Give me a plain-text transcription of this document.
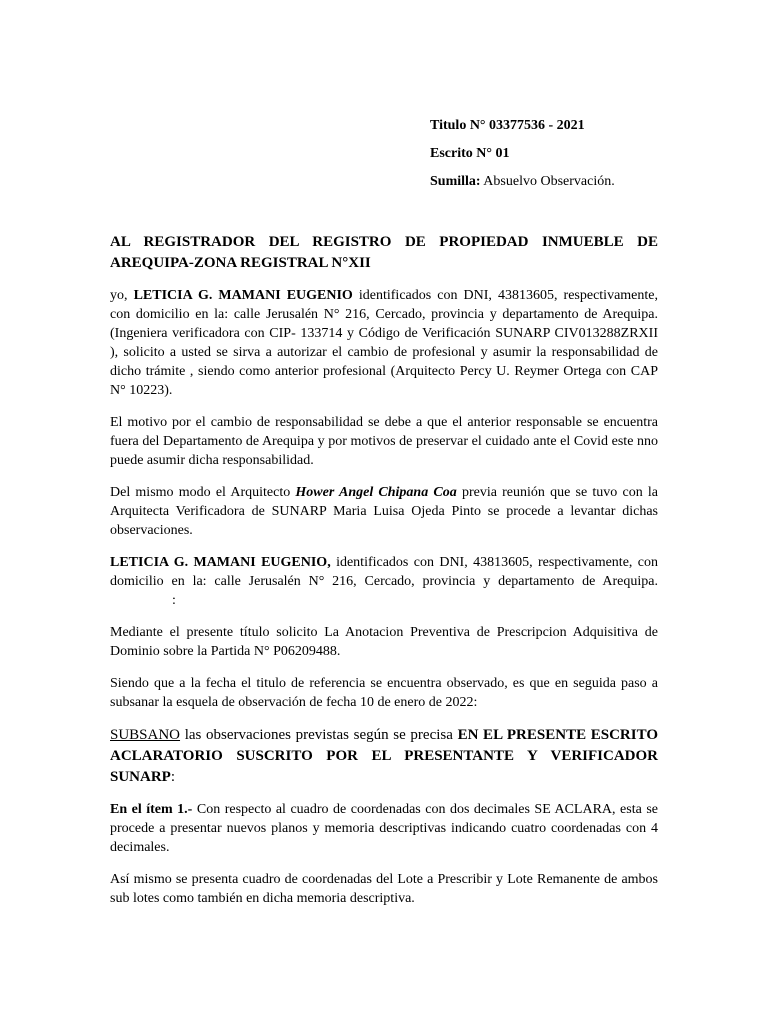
Titulo N° 03377536 - 2021
Escrito N° 01
Sumilla: Absuelvo Observación.

AL REGISTRADOR DEL REGISTRO DE PROPIEDAD INMUEBLE DE AREQUIPA-ZONA REGISTRAL N°XII

yo, LETICIA G. MAMANI EUGENIO identificados con DNI, 43813605, respectivamente, con domicilio en la: calle Jerusalén N° 216, Cercado, provincia y departamento de Arequipa. (Ingeniera verificadora con CIP- 133714 y Código de Verificación SUNARP CIV013288ZRXII ), solicito a usted se sirva a autorizar el cambio de profesional y asumir la responsabilidad de dicho trámite , siendo como anterior profesional (Arquitecto Percy U. Reymer Ortega con CAP N° 10223).

El motivo por el cambio de responsabilidad se debe a que el anterior responsable se encuentra fuera del Departamento de Arequipa y por motivos de preservar el cuidado ante el Covid este nno puede asumir dicha responsabilidad.

Del mismo modo el Arquitecto Hower Angel Chipana Coa previa reunión que se tuvo con la Arquitecta Verificadora de SUNARP Maria Luisa Ojeda Pinto se procede a levantar dichas observaciones.

LETICIA G. MAMANI EUGENIO, identificados con DNI, 43813605, respectivamente, con domicilio en la: calle Jerusalén N° 216, Cercado, provincia y departamento de Arequipa.:

Mediante el presente título solicito La Anotacion Preventiva de Prescripcion Adquisitiva de Dominio sobre la Partida N° P06209488.

Siendo que a la fecha el titulo de referencia se encuentra observado, es que en seguida paso a subsanar la esquela de observación de fecha 10 de enero de 2022:

SUBSANO las observaciones previstas según se precisa EN EL PRESENTE ESCRITO ACLARATORIO SUSCRITO POR EL PRESENTANTE Y VERIFICADOR SUNARP:

En el ítem 1.- Con respecto al cuadro de coordenadas con dos decimales SE ACLARA, esta se procede a presentar nuevos planos y memoria descriptivas indicando cuatro coordenadas con 4 decimales.

Así mismo se presenta cuadro de coordenadas del Lote a Prescribir y Lote Remanente de ambos sub lotes como también en dicha memoria descriptiva.
